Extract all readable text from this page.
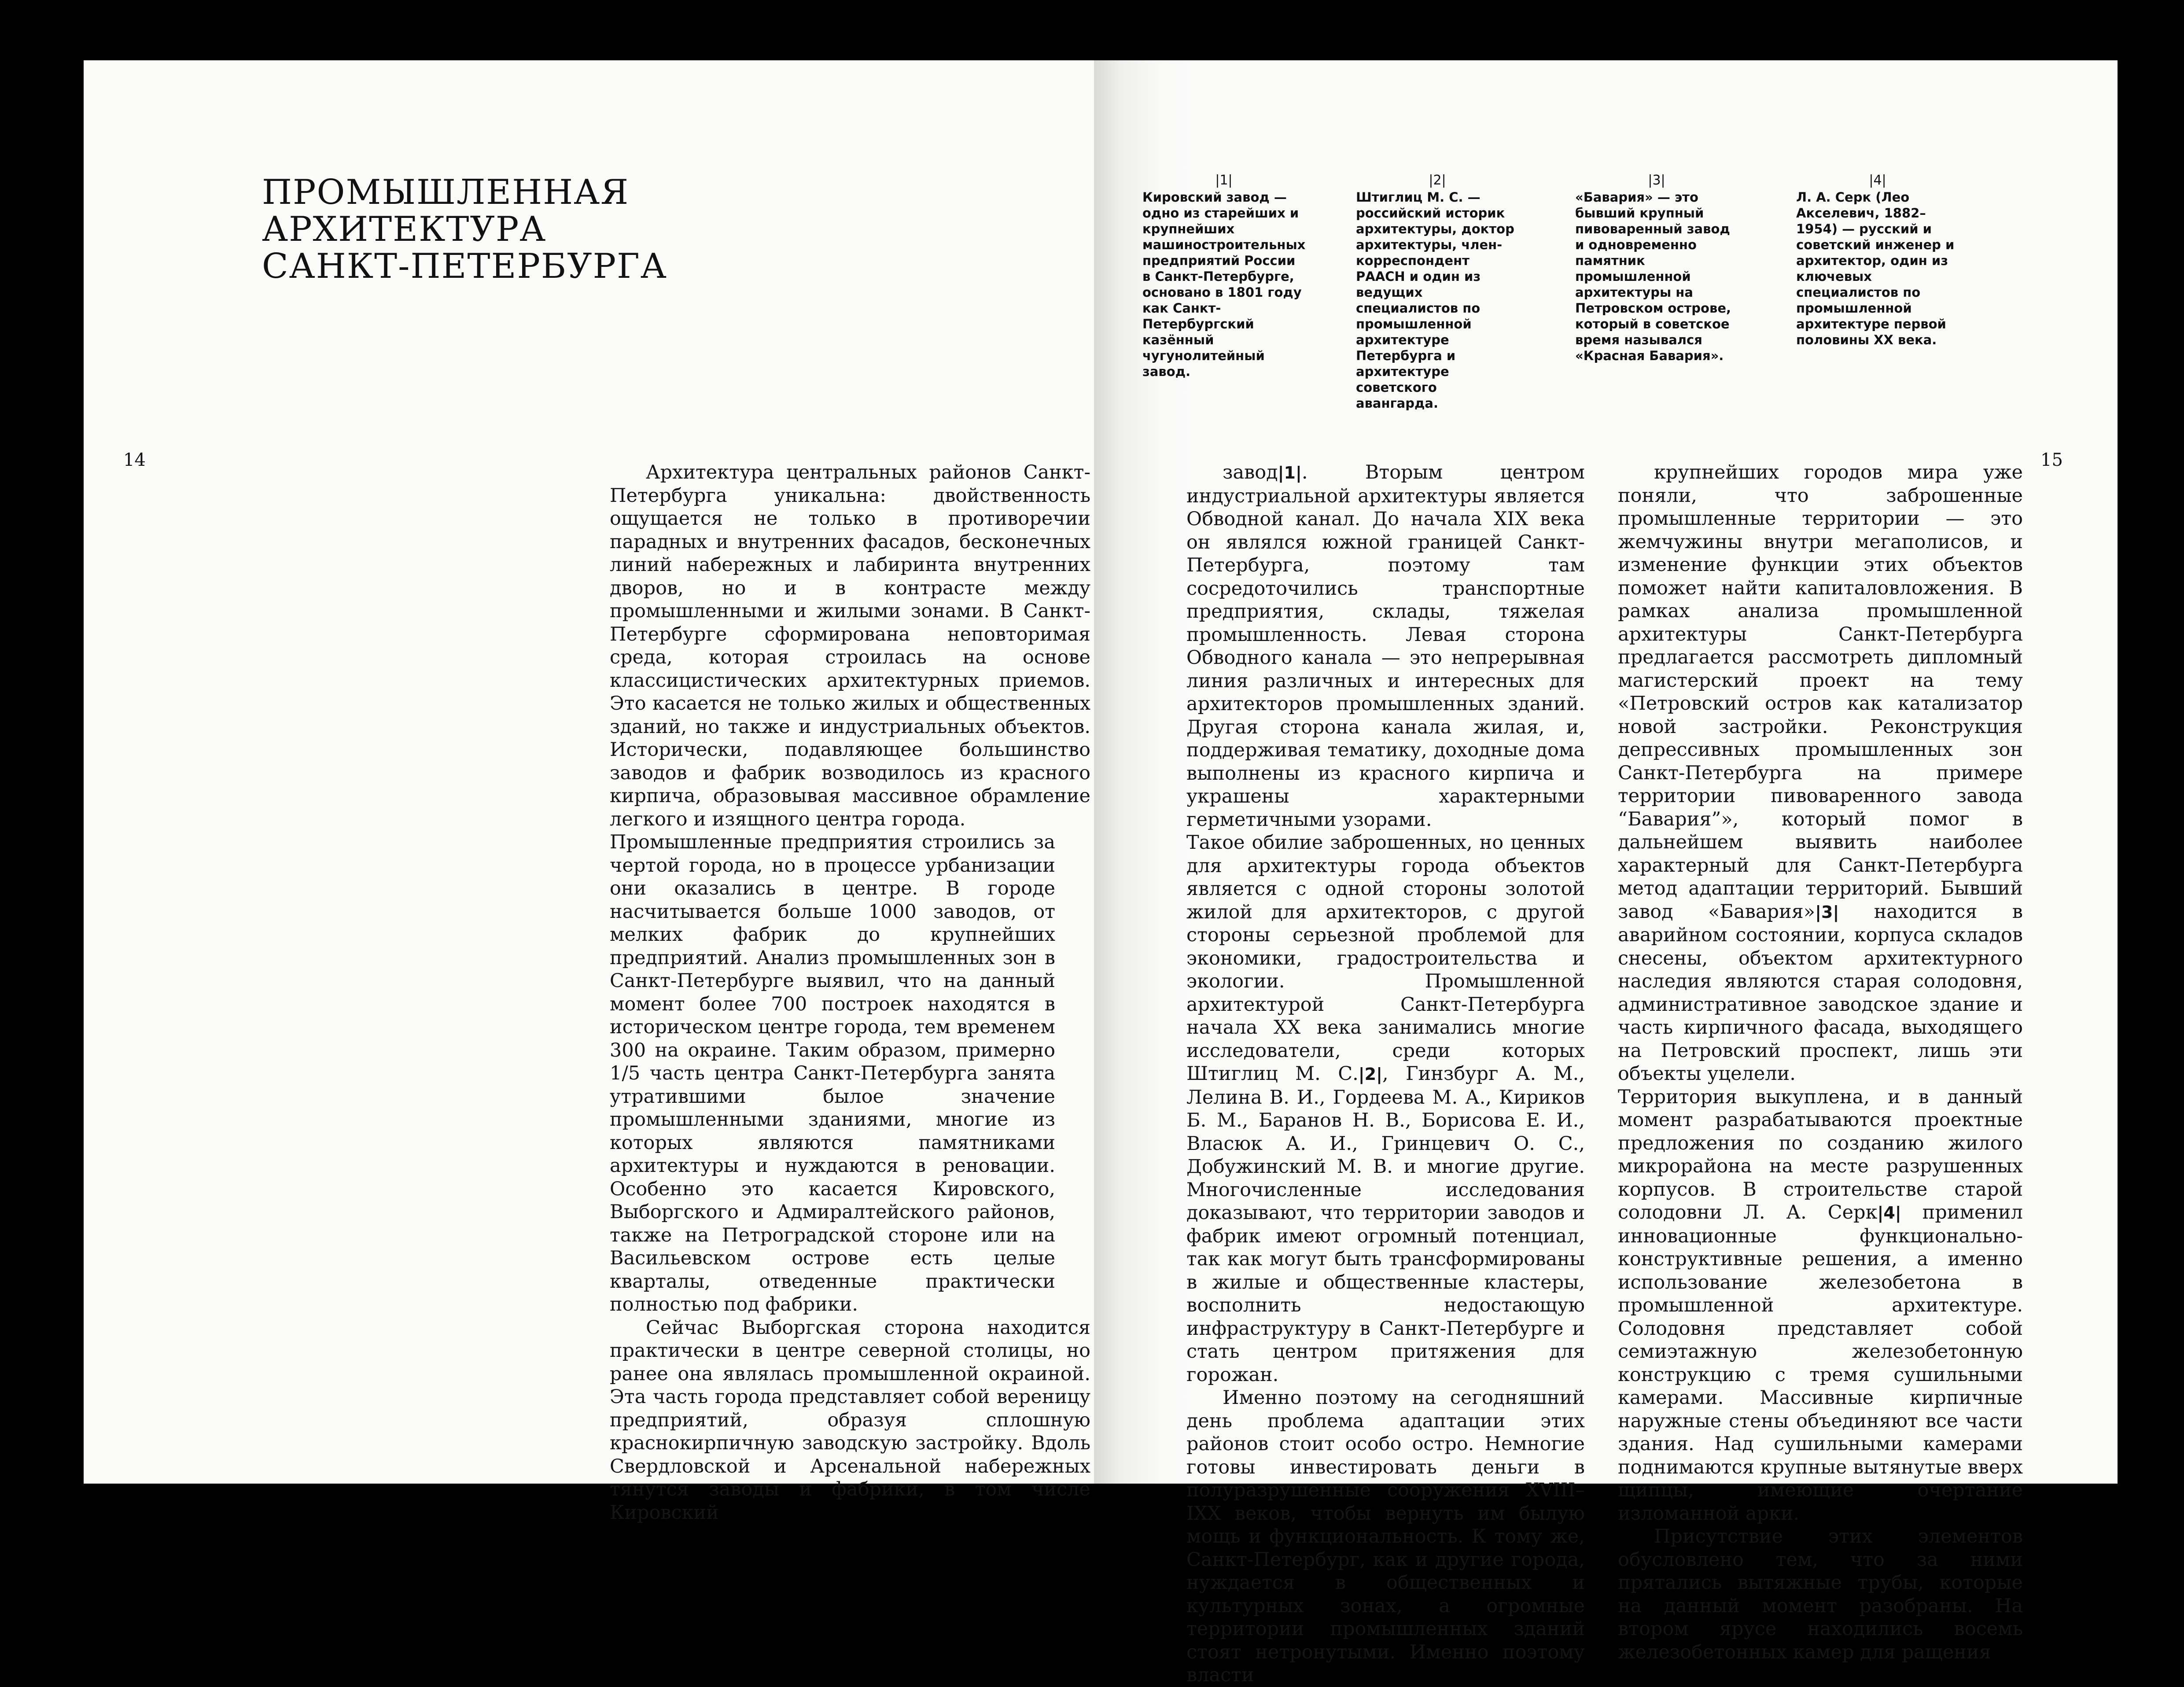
ПРОМЫШЛЕННАЯ
АРХИТЕКТУРА
САНКТ-ПЕТЕРБУРГА
14

Архитектура центральных районов Санкт-Петербурга уникальна: двойственность ощущается не только в противоречии парадных и внутренних фасадов, бесконечных линий набережных и лабиринта внутренних дворов, но и в контрасте между промышленными и жилыми зонами. В Санкт-Петербурге сформирована неповторимая среда, которая строилась на основе классицистических архитектурных приемов. Это касается не только жилых и общественных зданий, но также и индустриальных объектов. Исторически, подавляющее большинство заводов и фабрик возводилось из красного кирпича, образовывая массивное обрамление легкого и изящного центра города.

Промышленные предприятия строились за чертой города, но в процессе урбанизации они оказались в центре. В городе насчитывается больше 1000 заводов, от мелких фабрик до крупнейших предприятий. Анализ промышленных зон в Санкт-Петербурге выявил, что на данный момент более 700 построек находятся в историческом центре города, тем временем 300 на окраине. Таким образом, примерно 1/5 часть центра Санкт-Петербурга занята утратившими былое значение промышленными зданиями, многие из которых являются памятниками архитектуры и нуждаются в реновации. Особенно это касается Кировского, Выборгского и Адмиралтейского районов, также на Петроградской стороне или на Васильевском острове есть целые кварталы, отведенные практически полностью под фабрики.

Сейчас Выборгская сторона находится практически в центре северной столицы, но ранее она являлась промышленной окраиной. Эта часть города представляет собой вереницу предприятий, образуя сплошную краснокирпичную заводскую застройку. Вдоль Свердловской и Арсенальной набережных тянутся заводы и фабрики, в том числе Кировский

|1|
Кировский завод — одно из старейших и крупнейших машиностроительных предприятий России в Санкт-Петербурге, основано в 1801 году как Санкт-Петербургский казённый чугунолитейный завод.
|2|
Штиглиц М. С. — российский историк архитектуры, доктор архитектуры, член-корреспондент РААСН и один из ведущих специалистов по промышленной архитектуре Петербурга и архитектуре советского авангарда.
|3|
«Бавария» — это бывший крупный пивоваренный завод и одновременно памятник промышленной архитектуры на Петровском острове, который в советское время назывался «Красная Бавария».
|4|
Л. А. Серк (Лео Акселевич, 1882–1954) — русский и советский инженер и архитектор, один из ключевых специалистов по промышленной архитектуре первой половины XX века.
15

завод|1|. Вторым центром индустриальной архитектуры является Обводной канал. До начала XIX века он являлся южной границей Санкт-Петербурга, поэтому там сосредоточились транспортные предприятия, склады, тяжелая промышленность. Левая сторона Обводного канала — это непрерывная линия различных и интересных для архитекторов промышленных зданий. Другая сторона канала жилая, и, поддерживая тематику, доходные дома выполнены из красного кирпича и украшены характерными герметичными узорами.

Такое обилие заброшенных, но ценных для архитектуры города объектов является с одной стороны золотой жилой для архитекторов, с другой стороны серьезной проблемой для экономики, градостроительства и экологии. Промышленной архитектурой Санкт-Петербурга начала XX века занимались многие исследователи, среди которых Штиглиц М. С.|2|, Гинзбург А. М., Лелина В. И., Гордеева М. А., Кириков Б. М., Баранов Н. В., Борисова Е. И., Власюк А. И., Гринцевич О. С., Добужинский М. В. и многие другие. Многочисленные исследования доказывают, что территории заводов и фабрик имеют огромный потенциал, так как могут быть трансформированы в жилые и общественные кластеры, восполнить недостающую инфраструктуру в Санкт-Петербурге и стать центром притяжения для горожан.

Именно поэтому на сегодняшний день проблема адаптации этих районов стоит особо остро. Немногие готовы инвестировать деньги в полуразрушенные сооружения XVIII–IXX веков, чтобы вернуть им былую мощь и функциональность. К тому же, Санкт-Петербург, как и другие города, нуждается в общественных и культурных зонах, а огромные территории промышленных зданий стоят нетронутыми. Именно поэтому власти

крупнейших городов мира уже поняли, что заброшенные промышленные территории — это жемчужины внутри мегаполисов, и изменение функции этих объектов поможет найти капиталовложения. В рамках анализа промышленной архитектуры Санкт-Петербурга предлагается рассмотреть дипломный магистерский проект на тему «Петровский остров как катализатор новой застройки. Реконструкция депрессивных промышленных зон Санкт-Петербурга на примере территории пивоваренного завода “Бавария”», который помог в дальнейшем выявить наиболее характерный для Санкт-Петербурга метод адаптации территорий. Бывший завод «Бавария»|3| находится в аварийном состоянии, корпуса складов снесены, объектом архитектурного наследия являются старая солодовня, административное заводское здание и часть кирпичного фасада, выходящего на Петровский проспект, лишь эти объекты уцелели.

Территория выкуплена, и в данный момент разрабатываются проектные предложения по созданию жилого микрорайона на месте разрушенных корпусов. В строительстве старой солодовни Л. А. Серк|4| применил инновационные функционально-конструктивные решения, а именно использование железобетона в промышленной архитектуре. Солодовня представляет собой семиэтажную железобетонную конструкцию с тремя сушильными камерами. Массивные кирпичные наружные стены объединяют все части здания. Над сушильными камерами поднимаются крупные вытянутые вверх щипцы, имеющие очертание изломанной арки.

Присутствие этих элементов обусловлено тем, что за ними прятались вытяжные трубы, которые на данный момент разобраны. На втором ярусе находились восемь железобетонных камер для ращения
